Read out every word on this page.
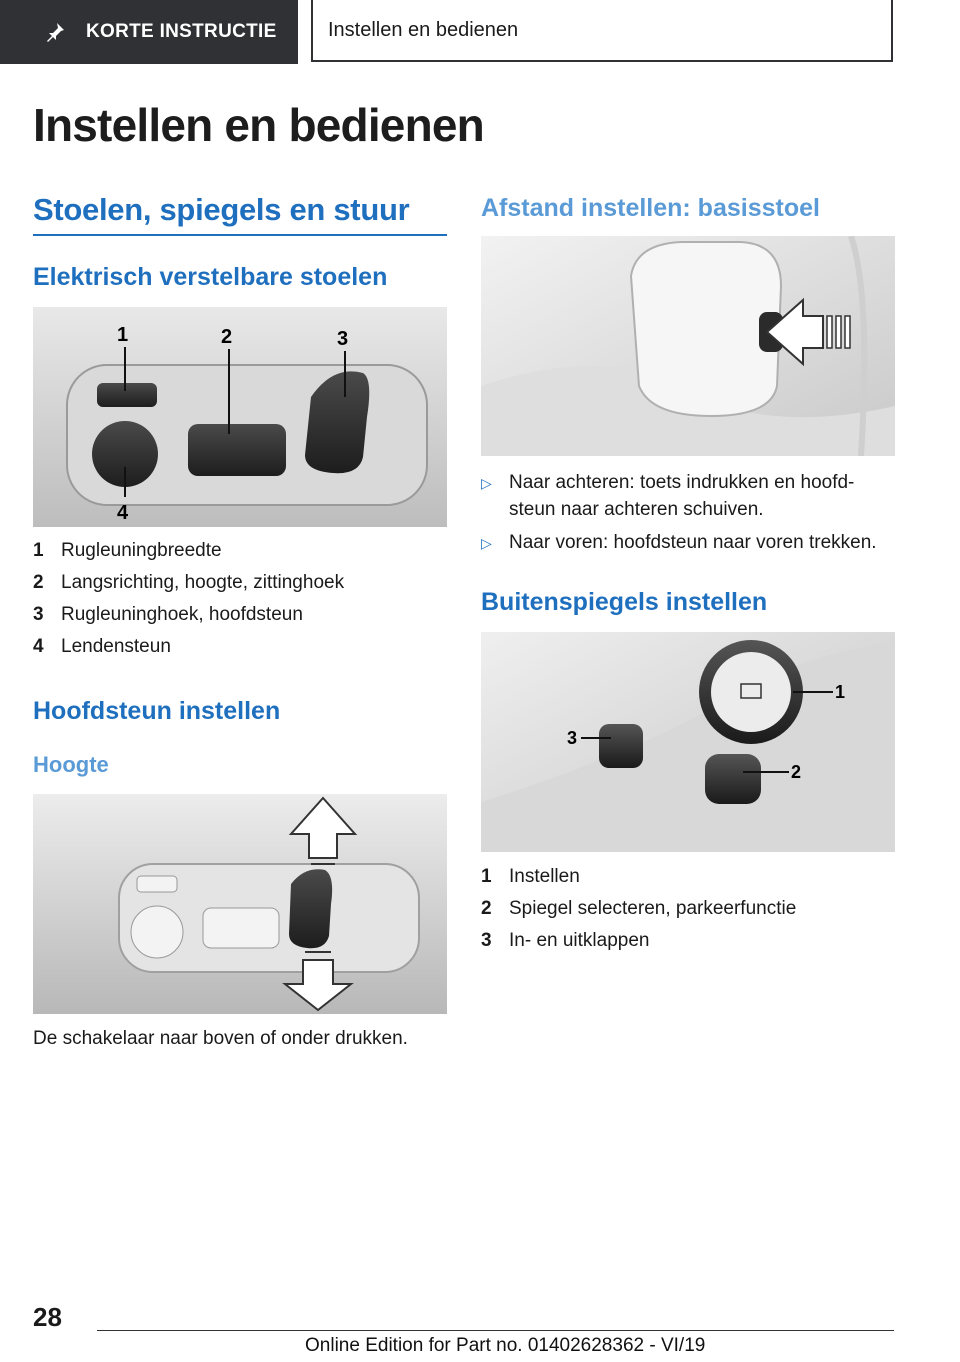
KORTE INSTRUCTIE	Instellen en bedienen
Instellen en bedienen
Stoelen, spiegels en stuur
Elektrisch verstelbare stoelen
1	2	3
4
1 Rugleuningbreedte
2 Langsrichting, hoogte, zittinghoek
3 Rugleuninghoek, hoofdsteun
4 Lendensteun
Hoofdsteun instellen
Hoogte

De schakelaar naar boven of onder drukken.

Afstand instellen: basisstoel
▷ Naar achteren: toets indrukken en hoofd-steun naar achteren schuiven.
▷ Naar voren: hoofdsteun naar voren trekken.
Buitenspiegels instellen
1
2
3
1 Instellen
2 Spiegel selecteren, parkeerfunctie
3 In- en uitklappen

28

Online Edition for Part no. 01402628362 - VI/19
